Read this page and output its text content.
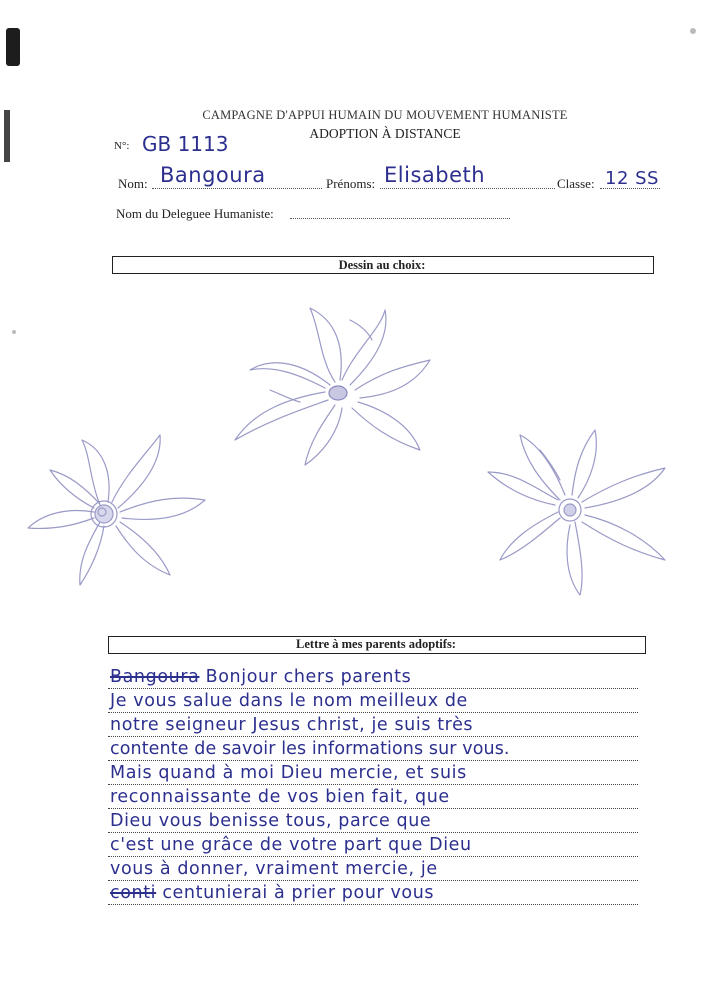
CAMPAGNE D'APPUI HUMAIN DU MOUVEMENT HUMANISTE
ADOPTION À DISTANCE
N°: GB 1113
Nom: Bangoura	Prénoms: Elisabeth	Classe: 12 SS
Nom du Deleguee Humaniste:
Dessin au choix:
Lettre à mes parents adoptifs:
Bangoura Bonjour chers parents
Je vous salue dans le nom meilleux de
notre seigneur Jesus christ, je suis très
contente de savoir les informations sur vous.
Mais quand à moi Dieu mercie, et suis
reconnaissante de vos bien fait, que
Dieu vous benisse tous, parce que
c'est une grâce de votre part que Dieu
vous à donner, vraiment mercie, je
conti centunierai à prier pour vous
